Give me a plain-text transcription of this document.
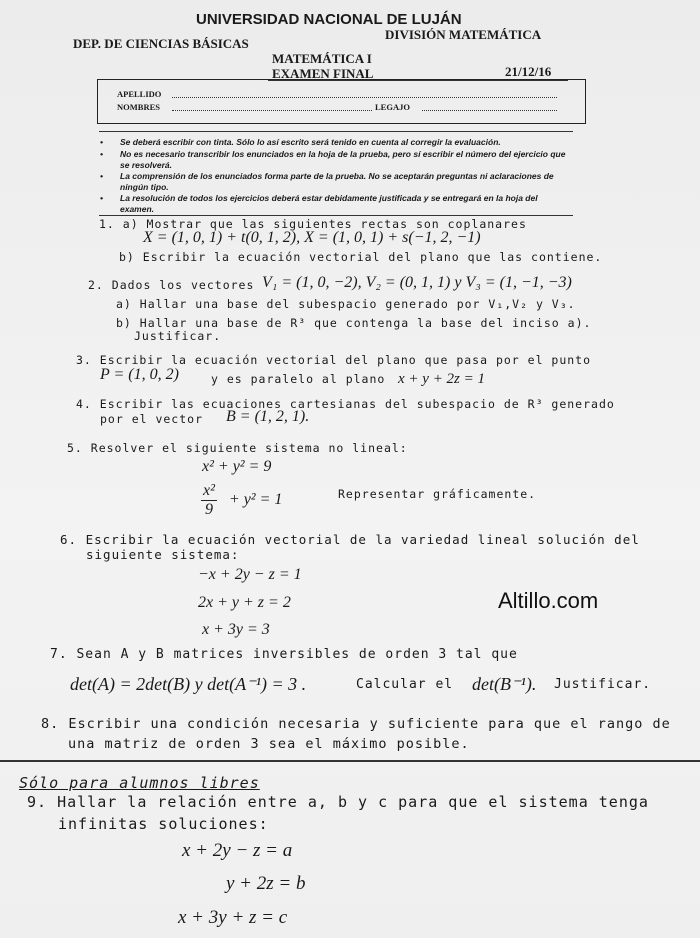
UNIVERSIDAD NACIONAL DE LUJÁN
DEP. DE CIENCIAS BÁSICAS
DIVISIÓN MATEMÁTICA
MATEMÁTICA I
EXAMEN FINAL	21/12/16
APELLIDO
NOMBRES	LEGAJO
• Se deberá escribir con tinta. Sólo lo así escrito será tenido en cuenta al corregir la evaluación.
• No es necesario transcribir los enunciados en la hoja de la prueba, pero sí escribir el número del ejercicio que se resolverá.
• La comprensión de los enunciados forma parte de la prueba. No se aceptarán preguntas ni aclaraciones de ningún tipo.
• La resolución de todos los ejercicios deberá estar debidamente justificada y se entregará en la hoja del examen.
1. a) Mostrar que las siguientes rectas son coplanares
X = (1, 0, 1) + t(0, 1, 2), X = (1, 0, 1) + s(−1, 2, −1)
b) Escribir la ecuación vectorial del plano que las contiene.
2. Dados los vectores V₁ = (1, 0, −2), V₂ = (0, 1, 1) y V₃ = (1, −1, −3)
a) Hallar una base del subespacio generado por V₁,V₂ y V₃.
b) Hallar una base de R³ que contenga la base del inciso a).
Justificar.
3. Escribir la ecuación vectorial del plano que pasa por el punto
P = (1, 0, 2)	y es paralelo al plano x + y + 2z = 1
4. Escribir las ecuaciones cartesianas del subespacio de R³ generado
por el vector B = (1, 2, 1).
5. Resolver el siguiente sistema no lineal:
x² + y² = 9
$\frac{\text{x²}}{9} + y^2 = 1$	Representar gráficamente.
6. Escribir la ecuación vectorial de la variedad lineal solución del
siguiente sistema:
−x + 2y − z = 1
2x + y + z = 2
x + 3y = 3
Altillo.com
7. Sean A y B matrices inversibles de orden 3 tal que
det(A) = 2det(B) y det(A⁻¹) = 3 .	Calcular el det(B⁻¹). Justificar.
8. Escribir una condición necesaria y suficiente para que el rango de
una matriz de orden 3 sea el máximo posible.
Sólo para alumnos libres
9. Hallar la relación entre a, b y c para que el sistema tenga
infinitas soluciones:
x + 2y − z = a
y + 2z = b
x + 3y + z = c
